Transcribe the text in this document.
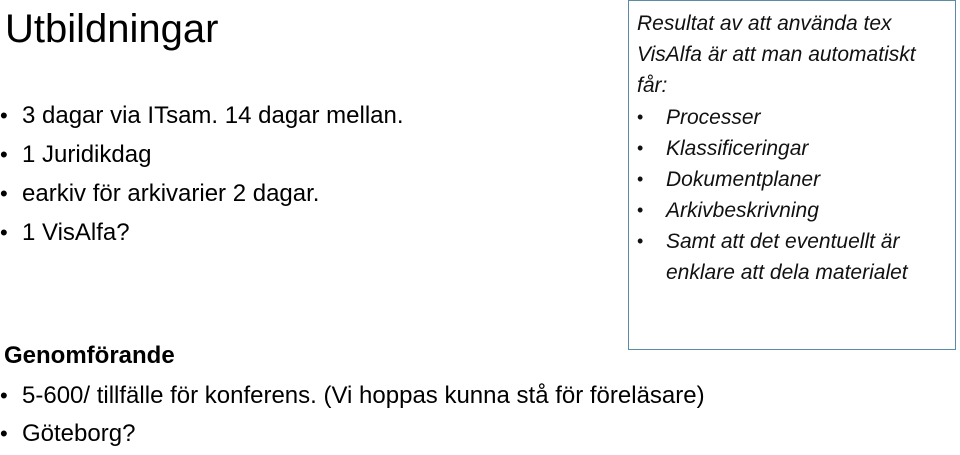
Utbildningar
• 3 dagar via ITsam. 14 dagar mellan.
• 1 Juridikdag
• earkiv för arkivarier 2 dagar.
• 1 VisAlfa?
Genomförande
• 5-600/ tillfälle för konferens. (Vi hoppas kunna stå för föreläsare)
• Göteborg?

Resultat av att använda tex VisAlfa är att man automatiskt får:

• Processer
• Klassificeringar
• Dokumentplaner
• Arkivbeskrivning
• Samt att det eventuellt är enklare att dela materialet
